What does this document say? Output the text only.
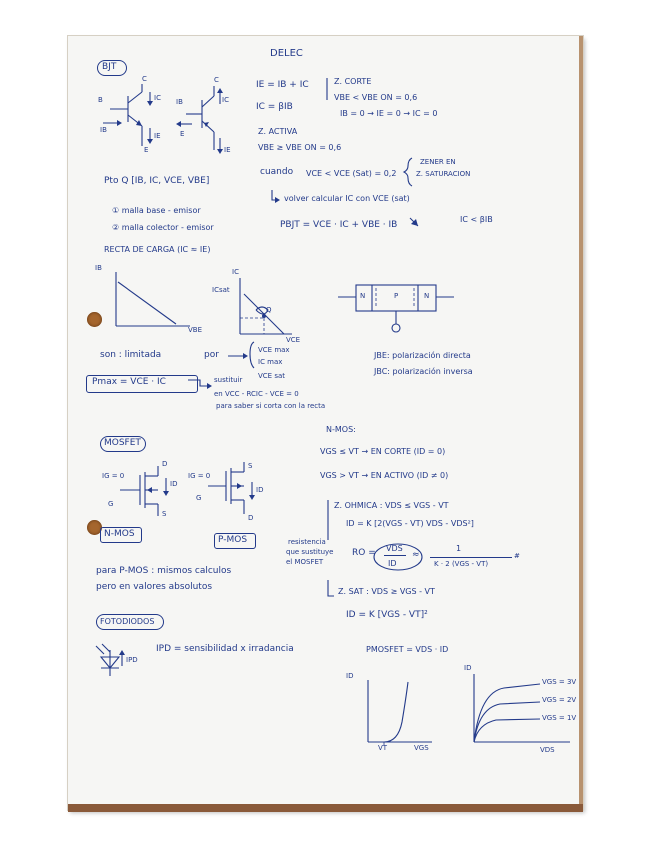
DELEC
BJT
C
B	IC
IB
IE
E
C
IB	IC
E
IE
IE = IB + IC
IC = βIB
Z. CORTE
VBE < VBE ON = 0,6
IB = 0 → IE = 0 → IC = 0
Z. ACTIVA
VBE ≥ VBE ON = 0,6
cuando VCE < VCE (Sat) = 0,2
ZENER EN
Z. SATURACION
volver calcular IC con VCE (sat)
Pto Q [IB, IC, VCE, VBE]
① malla base - emisor
② malla colector - emisor	PBJT = VCE · IC + VBE · IB
IC < βIB
RECTA DE CARGA (IC ≈ IE)
IB
VBE
IC
ICsat
VCE
Q
N	P	N
son : limitada	por	VCE max
IC max
VCE sat
JBE: polarización directa
JBC: polarización inversa
Pmax = VCE · IC	sustituir
en VCC - RCIC - VCE = 0
para saber si corta con la recta
MOSFET
IG = 0
D
G
S
ID
IG = 0
S
G
D
ID
N-MOS
P-MOS
N-MOS:
VGS ≤ VT → EN CORTE (ID = 0)
VGS > VT → EN ACTIVO (ID ≠ 0)
Z. OHMICA : VDS ≤ VGS - VT
ID = K [2(VGS - VT) VDS - VDS²]
resistencia
que sustituye
el MOSFET
RO = VDS
ID
≈
1
K · 2 (VGS - VT)
#
Z. SAT : VDS ≥ VGS - VT
ID = K [VGS - VT]²
para P-MOS : mismos calculos
pero en valores absolutos
FOTODIODOS
IPD
IPD = sensibilidad x irradancia	PMOSFET = VDS · ID
ID
VGS
VT
ID
VDS
VGS = 3V
VGS = 2V
VGS = 1V
